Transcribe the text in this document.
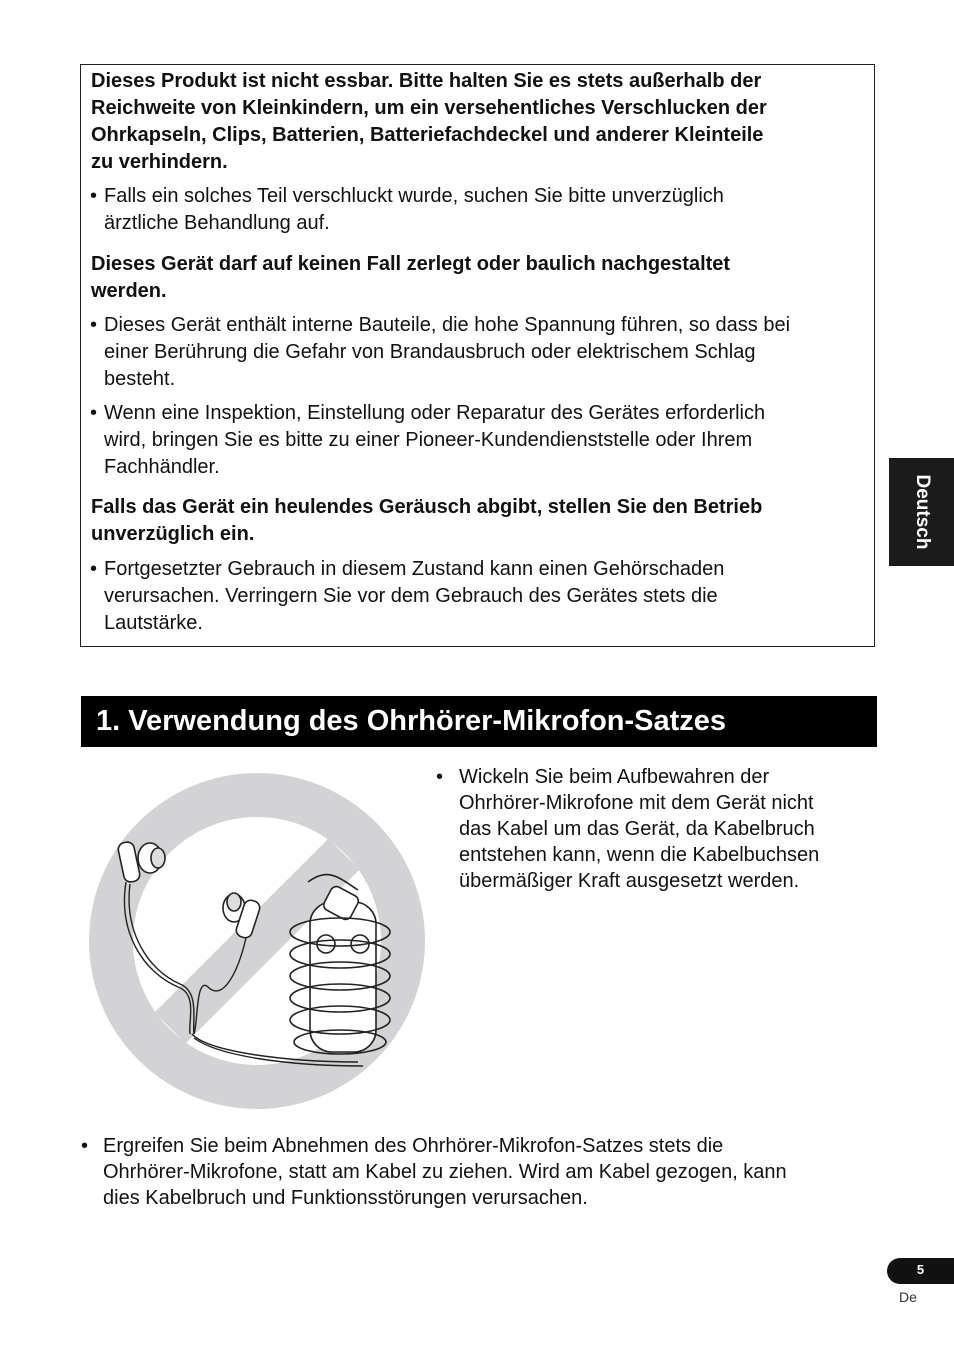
Dieses Produkt ist nicht essbar. Bitte halten Sie es stets außerhalb der
Reichweite von Kleinkindern, um ein versehentliches Verschlucken der
Ohrkapseln, Clips, Batterien, Batteriefachdeckel und anderer Kleinteile
zu verhindern.

• Falls ein solches Teil verschluckt wurde, suchen Sie bitte unverzüglich
ärztliche Behandlung auf.

Dieses Gerät darf auf keinen Fall zerlegt oder baulich nachgestaltet
werden.

• Dieses Gerät enthält interne Bauteile, die hohe Spannung führen, so dass bei
einer Berührung die Gefahr von Brandausbruch oder elektrischem Schlag
besteht.
• Wenn eine Inspektion, Einstellung oder Reparatur des Gerätes erforderlich
wird, bringen Sie es bitte zu einer Pioneer-Kundendienststelle oder Ihrem
Fachhändler.

Falls das Gerät ein heulendes Geräusch abgibt, stellen Sie den Betrieb
unverzüglich ein.

• Fortgesetzter Gebrauch in diesem Zustand kann einen Gehörschaden
verursachen. Verringern Sie vor dem Gebrauch des Gerätes stets die
Lautstärke.
Deutsch
1. Verwendung des Ohrhörer-Mikrofon-Satzes
• Wickeln Sie beim Aufbewahren der
Ohrhörer-Mikrofone mit dem Gerät nicht
das Kabel um das Gerät, da Kabelbruch
entstehen kann, wenn die Kabelbuchsen
übermäßiger Kraft ausgesetzt werden.
• Ergreifen Sie beim Abnehmen des Ohrhörer-Mikrofon-Satzes stets die
Ohrhörer-Mikrofone, statt am Kabel zu ziehen. Wird am Kabel gezogen, kann
dies Kabelbruch und Funktionsstörungen verursachen.
5
De
